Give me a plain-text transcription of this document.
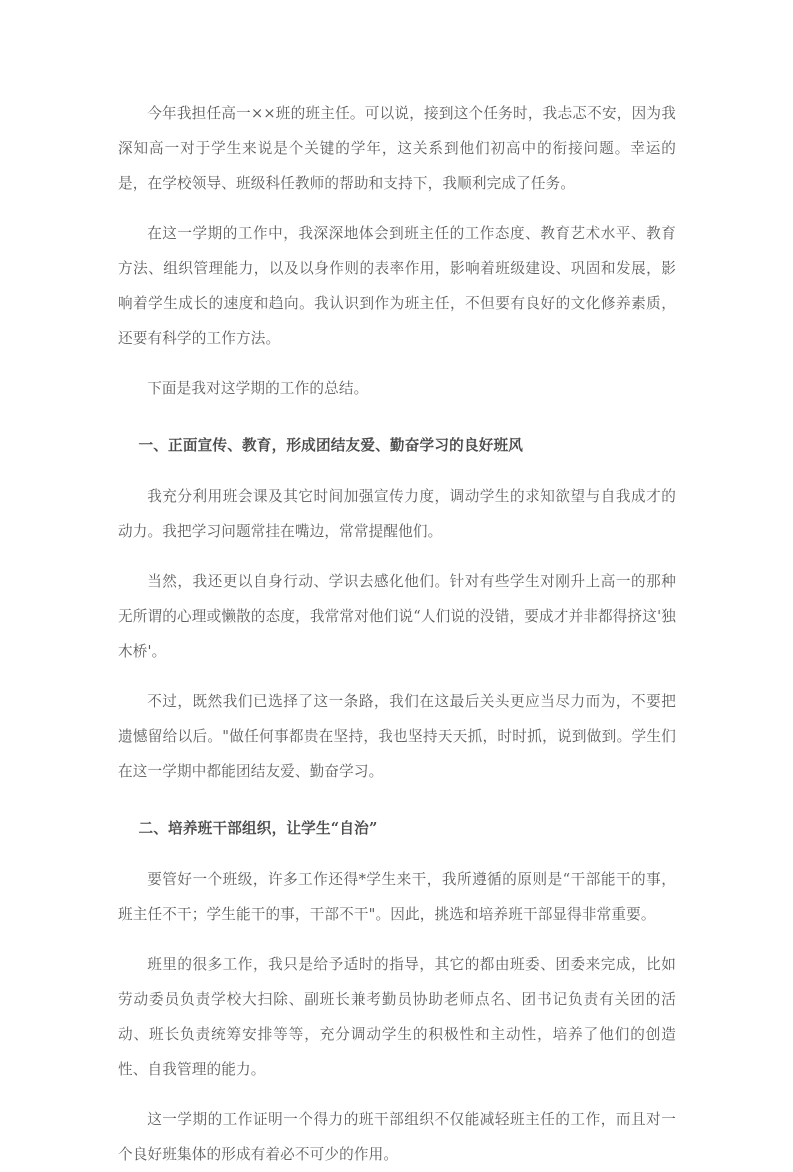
今年我担任高一××班的班主任。可以说，接到这个任务时，我忐忑不安，因为我深知高一对于学生来说是个关键的学年，这关系到他们初高中的衔接问题。幸运的是，在学校领导、班级科任教师的帮助和支持下，我顺利完成了任务。

在这一学期的工作中，我深深地体会到班主任的工作态度、教育艺术水平、教育方法、组织管理能力，以及以身作则的表率作用，影响着班级建设、巩固和发展，影响着学生成长的速度和趋向。我认识到作为班主任，不但要有良好的文化修养素质，还要有科学的工作方法。

下面是我对这学期的工作的总结。

一、正面宣传、教育，形成团结友爱、勤奋学习的良好班风

我充分利用班会课及其它时间加强宣传力度，调动学生的求知欲望与自我成才的动力。我把学习问题常挂在嘴边，常常提醒他们。

当然，我还更以自身行动、学识去感化他们。针对有些学生对刚升上高一的那种无所谓的心理或懒散的态度，我常常对他们说“人们说的没错，要成才并非都得挤这'独木桥'。

不过，既然我们已选择了这一条路，我们在这最后关头更应当尽力而为，不要把遗憾留给以后。"做任何事都贵在坚持，我也坚持天天抓，时时抓，说到做到。学生们在这一学期中都能团结友爱、勤奋学习。

二、培养班干部组织，让学生“自治”

要管好一个班级，许多工作还得*学生来干，我所遵循的原则是“干部能干的事，班主任不干；学生能干的事，干部不干"。因此，挑选和培养班干部显得非常重要。

班里的很多工作，我只是给予适时的指导，其它的都由班委、团委来完成，比如劳动委员负责学校大扫除、副班长兼考勤员协助老师点名、团书记负责有关团的活动、班长负责统筹安排等等，充分调动学生的积极性和主动性，培养了他们的创造性、自我管理的能力。

这一学期的工作证明一个得力的班干部组织不仅能减轻班主任的工作，而且对一个良好班集体的形成有着必不可少的作用。
